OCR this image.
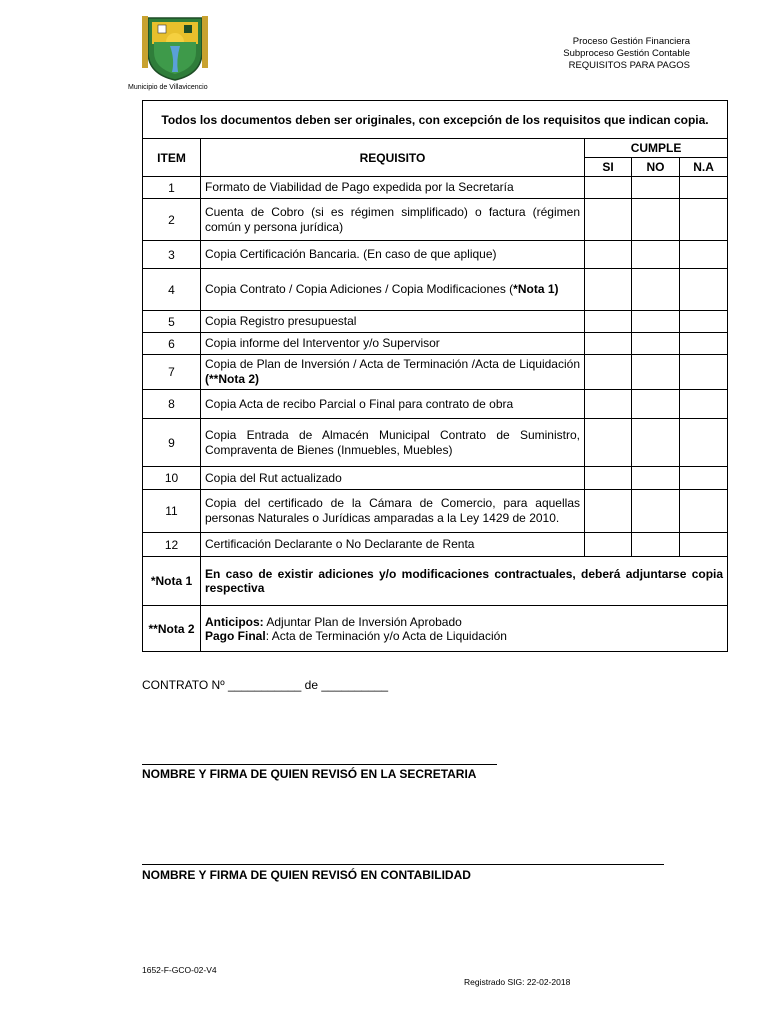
Municipio de Villavicencio
Proceso Gestión Financiera
Subproceso Gestión Contable
REQUISITOS PARA PAGOS
Todos los documentos deben ser originales, con excepción de los requisitos que indican copia.				
ITEM	REQUISITO	CUMPLE		
		SI	NO	N.A
1	Formato de Viabilidad de Pago expedida por la Secretaría			
2	Cuenta de Cobro (si es régimen simplificado) o factura (régimen común y persona jurídica)			
3	Copia Certificación Bancaria. (En caso de que aplique)			
4	Copia Contrato / Copia Adiciones / Copia Modificaciones (*Nota 1)			
5	Copia Registro presupuestal			
6	Copia informe del Interventor y/o Supervisor			
7	Copia de Plan de Inversión / Acta de Terminación /Acta de Liquidación (**Nota 2)			
8	Copia Acta de recibo Parcial o Final para contrato de obra			
9	Copia Entrada de Almacén Municipal Contrato de Suministro, Compraventa de Bienes (Inmuebles, Muebles)			
10	Copia del Rut actualizado			
11	Copia del certificado de la Cámara de Comercio, para aquellas personas Naturales o Jurídicas amparadas a la Ley 1429 de 2010.			
12	Certificación Declarante o No Declarante de Renta			
*Nota 1	En caso de existir adiciones y/o modificaciones contractuales, deberá adjuntarse copia respectiva			
**Nota 2	Anticipos: Adjuntar Plan de Inversión Aprobado
Pago Final: Acta de Terminación y/o Acta de Liquidación			
CONTRATO Nº ___________ de __________
NOMBRE Y FIRMA DE QUIEN REVISÓ EN LA SECRETARIA
NOMBRE Y FIRMA DE QUIEN REVISÓ EN CONTABILIDAD
1652-F-GCO-02-V4
Registrado SIG: 22-02-2018
